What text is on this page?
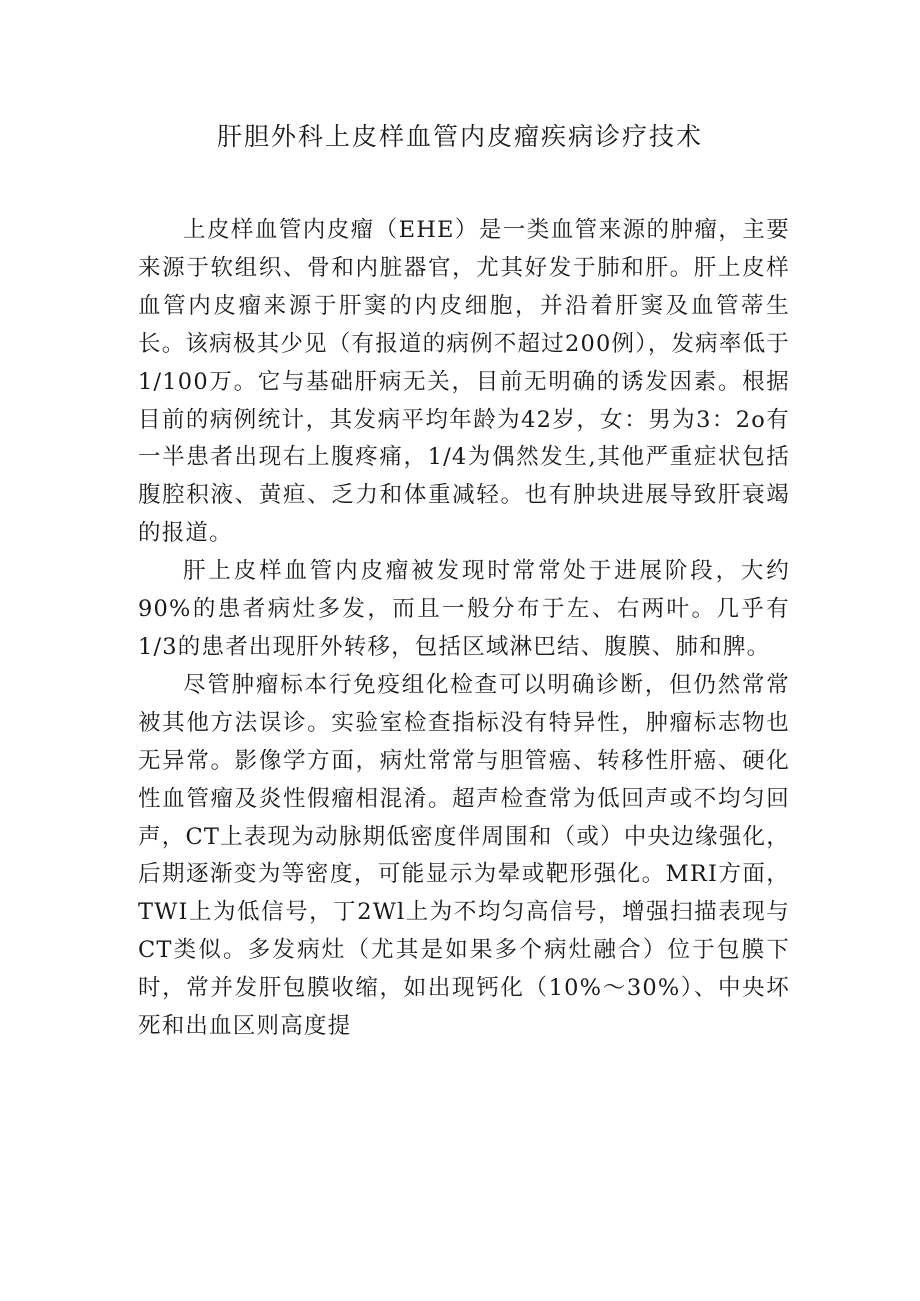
肝胆外科上皮样血管内皮瘤疾病诊疗技术

上皮样血管内皮瘤（EHE）是一类血管来源的肿瘤，主要来源于软组织、骨和内脏器官，尤其好发于肺和肝。肝上皮样血管内皮瘤来源于肝窦的内皮细胞，并沿着肝窦及血管蒂生长。该病极其少见（有报道的病例不超过200例），发病率低于1/100万。它与基础肝病无关，目前无明确的诱发因素。根据目前的病例统计，其发病平均年龄为42岁，女：男为3：2o有一半患者出现右上腹疼痛，1/4为偶然发生,其他严重症状包括腹腔积液、黄疸、乏力和体重减轻。也有肿块进展导致肝衰竭的报道。

肝上皮样血管内皮瘤被发现时常常处于进展阶段，大约90%的患者病灶多发，而且一般分布于左、右两叶。几乎有1/3的患者出现肝外转移，包括区域淋巴结、腹膜、肺和脾。

尽管肿瘤标本行免疫组化检查可以明确诊断，但仍然常常被其他方法误诊。实验室检查指标没有特异性，肿瘤标志物也无异常。影像学方面，病灶常常与胆管癌、转移性肝癌、硬化性血管瘤及炎性假瘤相混淆。超声检查常为低回声或不均匀回声，CT上表现为动脉期低密度伴周围和（或）中央边缘强化，后期逐渐变为等密度，可能显示为晕或靶形强化。MRI方面，TWI上为低信号，丁2Wl上为不均匀高信号，增强扫描表现与CT类似。多发病灶（尤其是如果多个病灶融合）位于包膜下时，常并发肝包膜收缩，如出现钙化（10%～30%）、中央坏死和出血区则高度提
